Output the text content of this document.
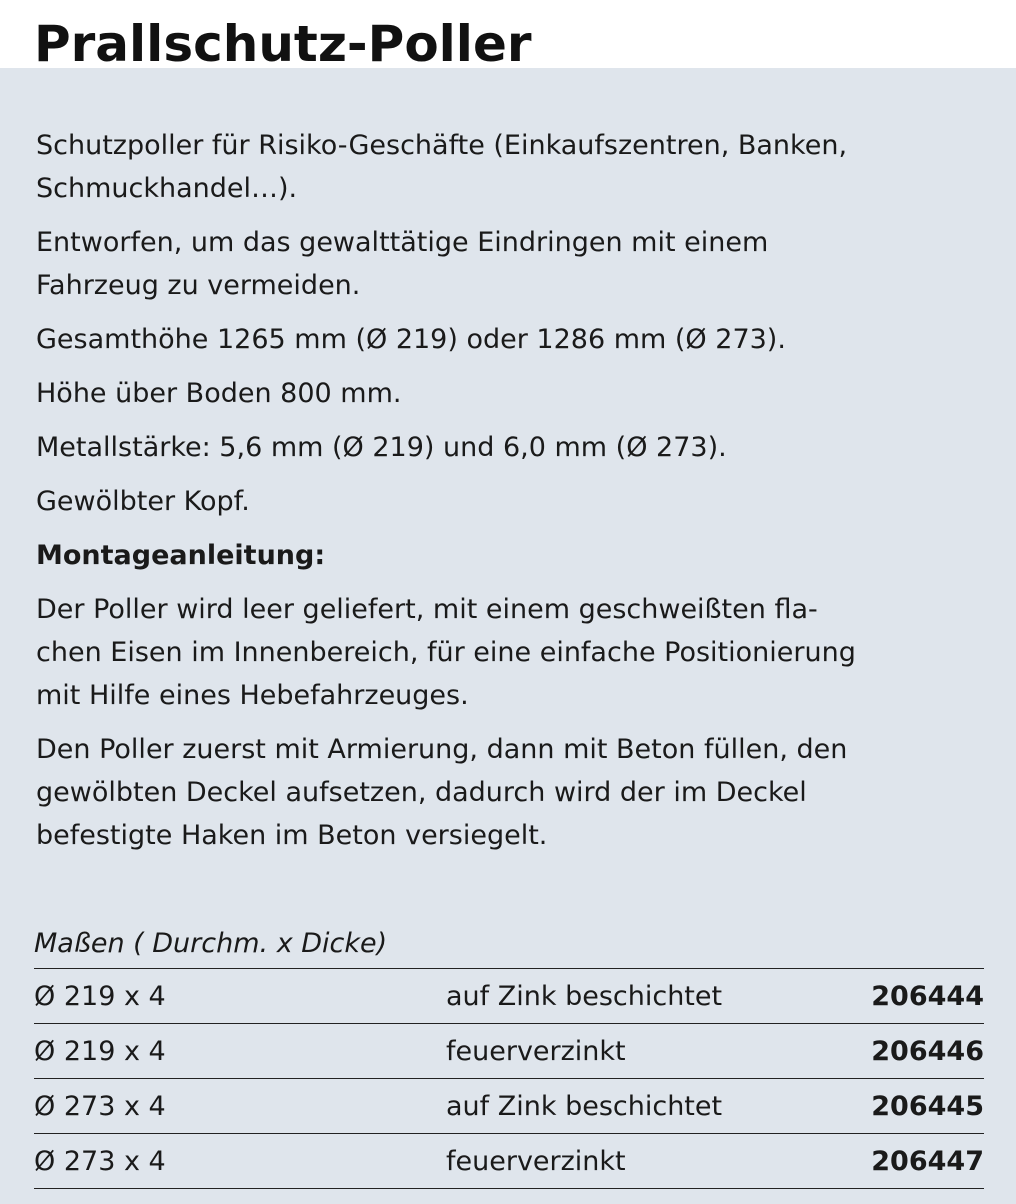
Prallschutz-Poller

Schutzpoller für Risiko-Geschäfte (Einkaufszentren, Banken,
Schmuckhandel…).

Entworfen, um das gewalttätige Eindringen mit einem
Fahrzeug zu vermeiden.

Gesamthöhe 1265 mm (Ø 219) oder 1286 mm (Ø 273).

Höhe über Boden 800 mm.

Metallstärke: 5,6 mm (Ø 219) und 6,0 mm (Ø 273).

Gewölbter Kopf.

Montageanleitung:

Der Poller wird leer geliefert, mit einem geschweißten fla-
chen Eisen im Innenbereich, für eine einfache Positionierung
mit Hilfe eines Hebefahrzeuges.

Den Poller zuerst mit Armierung, dann mit Beton füllen, den
gewölbten Deckel aufsetzen, dadurch wird der im Deckel
befestigte Haken im Beton versiegelt.

Maßen ( Durchm. x Dicke)
Ø 219 x 4	auf Zink beschichtet	206444
Ø 219 x 4	feuerverzinkt	206446
Ø 273 x 4	auf Zink beschichtet	206445
Ø 273 x 4	feuerverzinkt	206447
